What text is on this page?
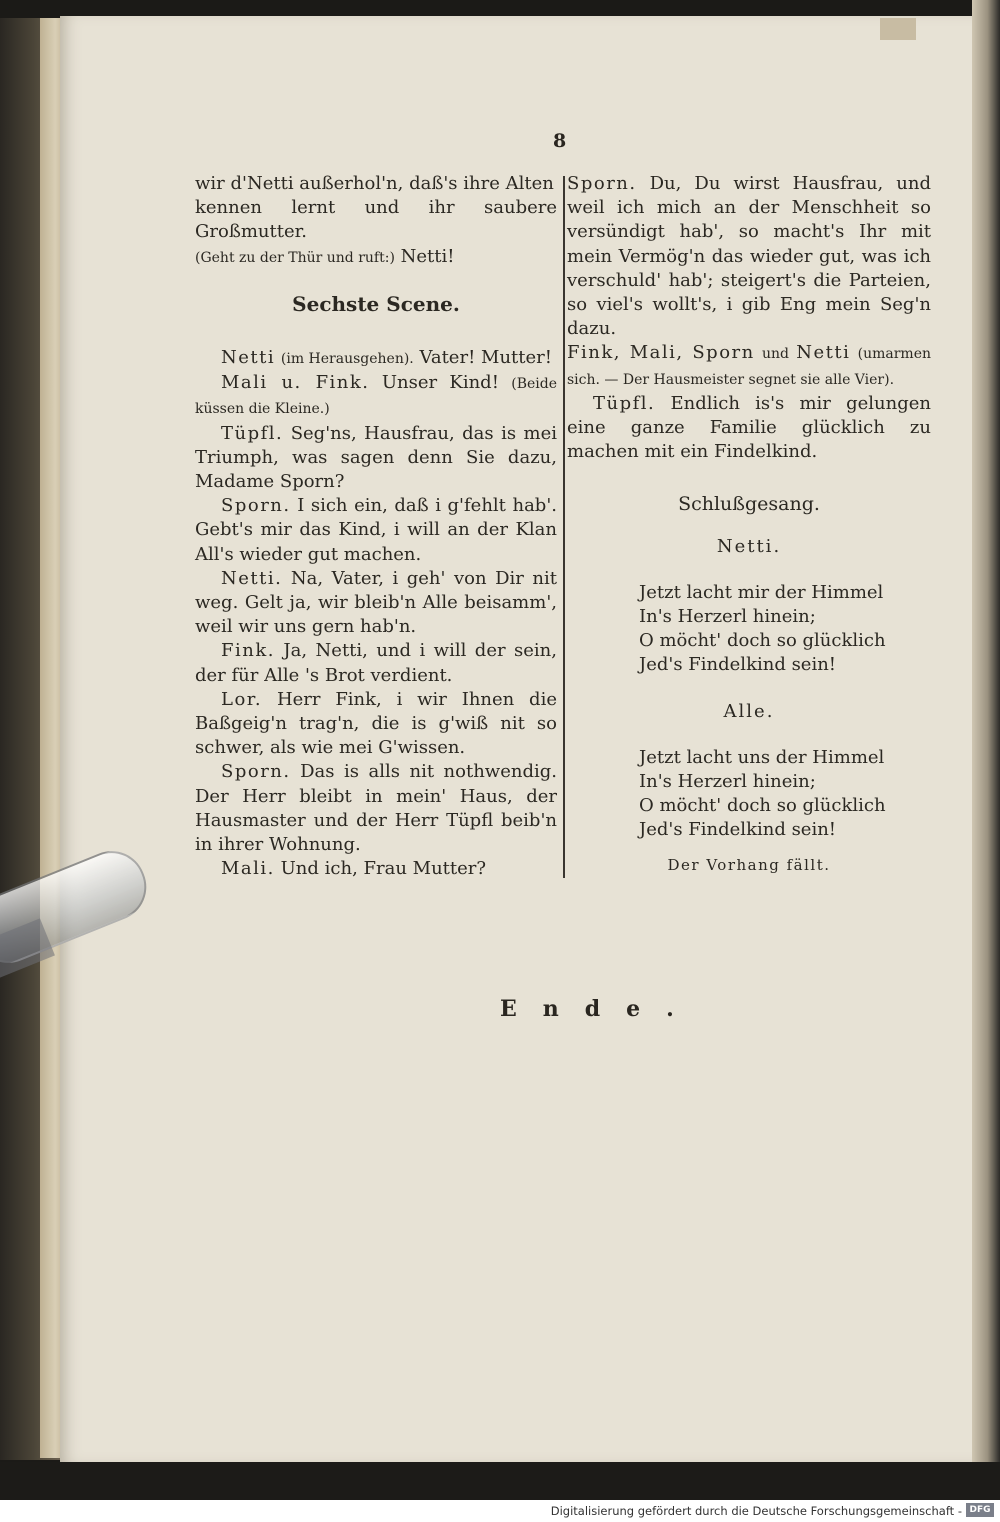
8

wir d'Netti außerhol'n, daß's ihre Alten

kennen lernt und ihr saubere Großmutter.

(Geht zu der Thür und ruft:) Netti!

Sechste Scene.

Netti (im Herausgehen). Vater! Mutter!

Mali u. Fink. Unser Kind! (Beide küssen die Kleine.)

Tüpfl. Seg'ns, Hausfrau, das is mei Triumph, was sagen denn Sie dazu, Madame Sporn?

Sporn. I sich ein, daß i g'fehlt hab'. Gebt's mir das Kind, i will an der Klan All's wieder gut machen.

Netti. Na, Vater, i geh' von Dir nit weg. Gelt ja, wir bleib'n Alle beisamm', weil wir uns gern hab'n.

Fink. Ja, Netti, und i will der sein, der für Alle 's Brot verdient.

Lor. Herr Fink, i wir Ihnen die Baßgeig'n trag'n, die is g'wiß nit so schwer, als wie mei G'wissen.

Sporn. Das is alls nit nothwendig. Der Herr bleibt in mein' Haus, der Hausmaster und der Herr Tüpfl beib'n in ihrer Wohnung.

Mali. Und ich, Frau Mutter?

Sporn. Du, Du wirst Hausfrau, und weil ich mich an der Menschheit so versündigt hab', so macht's Ihr mit mein Vermög'n das wieder gut, was ich verschuld' hab'; steigert's die Parteien, so viel's wollt's, i gib Eng mein Seg'n dazu.

Fink, Mali, Sporn und Netti (umarmen sich. — Der Hausmeister segnet sie alle Vier).

Tüpfl. Endlich is's mir gelungen eine ganze Familie glücklich zu machen mit ein Findelkind.

Schlußgesang.

Netti.

Jetzt lacht mir der Himmel

In's Herzerl hinein;

O möcht' doch so glücklich

Jed's Findelkind sein!

Alle.

Jetzt lacht uns der Himmel

In's Herzerl hinein;

O möcht' doch so glücklich

Jed's Findelkind sein!

Der Vorhang fällt.

Ende.
Digitalisierung gefördert durch die Deutsche Forschungsgemeinschaft - DFG
